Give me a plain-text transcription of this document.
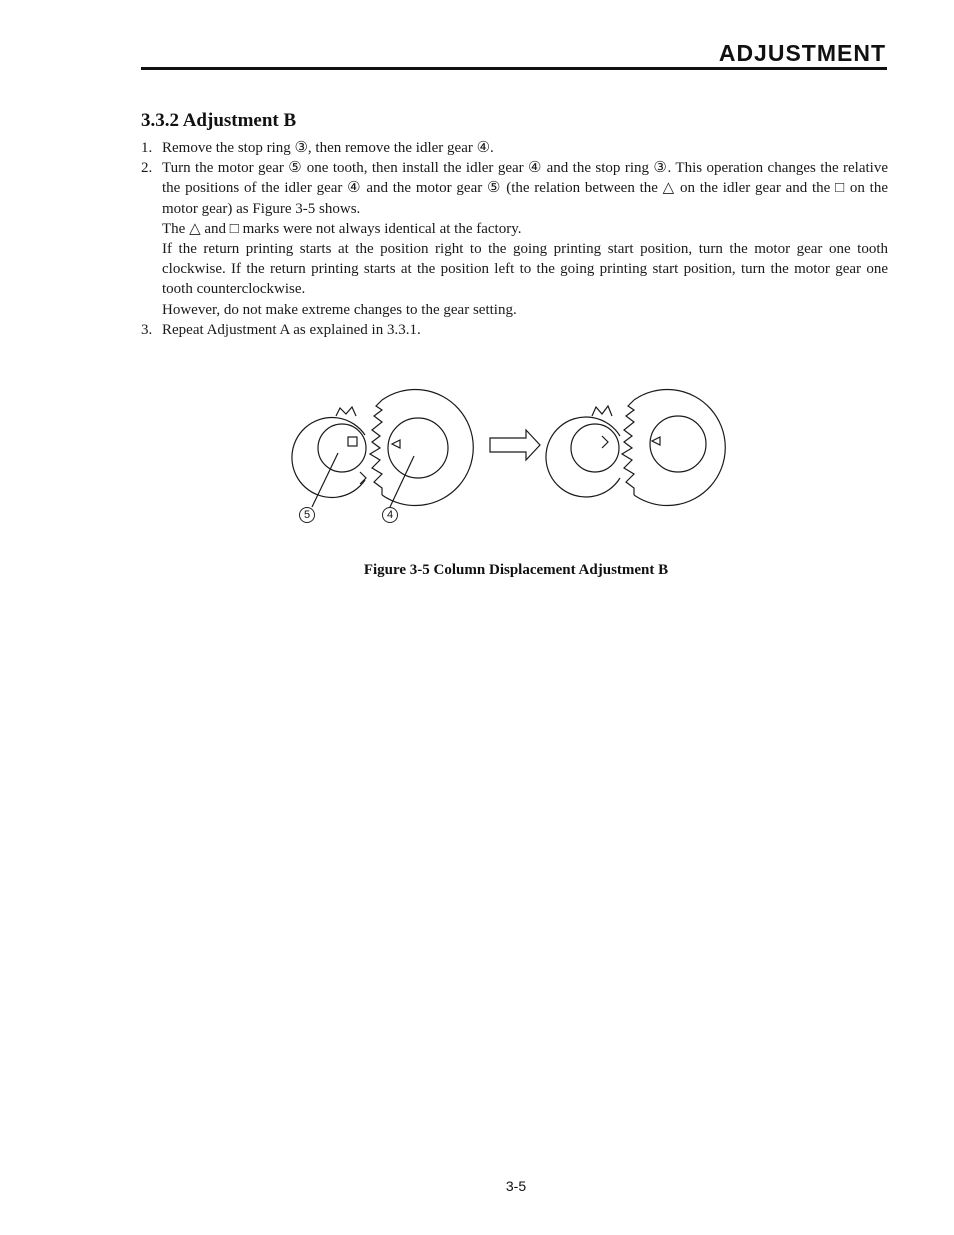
ADJUSTMENT
3.3.2 Adjustment B
1. Remove the stop ring ③, then remove the idler gear ④.

2. Turn the motor gear ⑤ one tooth, then install the idler gear ④ and the stop ring ③. This operation changes the relative the positions of the idler gear ④ and the motor gear ⑤ (the relation between the △ on the idler gear and the □ on the motor gear) as Figure 3-5 shows.

The △ and □ marks were not always identical at the factory.

If the return printing starts at the position right to the going printing start position, turn the motor gear one tooth clockwise. If the return printing starts at the position left to the going printing start position, turn the motor gear one tooth counterclockwise.

However, do not make extreme changes to the gear setting.

3. Repeat Adjustment A as explained in 3.3.1.

5	4
Figure 3-5 Column Displacement Adjustment B
3-5
